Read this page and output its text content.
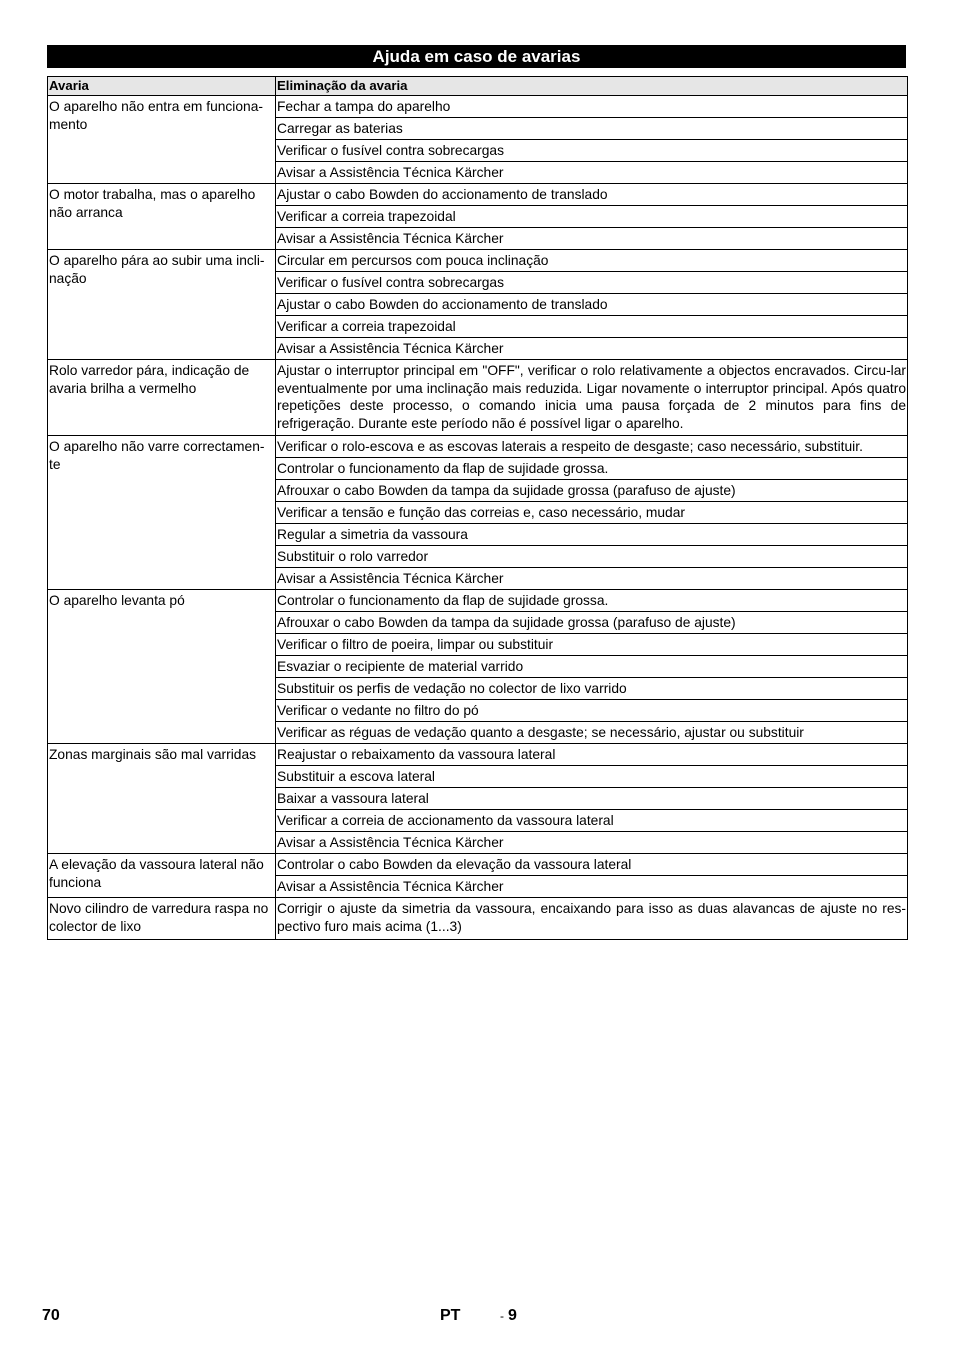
Ajuda em caso de avarias
Avaria	Eliminação da avaria
O aparelho não entra em funciona-mento	Fechar a tampa do aparelho
	Carregar as baterias
	Verificar o fusível contra sobrecargas
	Avisar a Assistência Técnica Kärcher
O motor trabalha, mas o aparelho não arranca	Ajustar o cabo Bowden do accionamento de translado
	Verificar a correia trapezoidal
	Avisar a Assistência Técnica Kärcher
O aparelho pára ao subir uma incli-nação	Circular em percursos com pouca inclinação
	Verificar o fusível contra sobrecargas
	Ajustar o cabo Bowden do accionamento de translado
	Verificar a correia trapezoidal
	Avisar a Assistência Técnica Kärcher
Rolo varredor pára, indicação de avaria brilha a vermelho	Ajustar o interruptor principal em "OFF", verificar o rolo relativamente a objectos encravados. Circu-lar eventualmente por uma inclinação mais reduzida. Ligar novamente o interruptor principal. Após quatro repetições deste processo, o comando inicia uma pausa forçada de 2 minutos para fins de refrigeração. Durante este período não é possível ligar o aparelho.
O aparelho não varre correctamen-te	Verificar o rolo-escova e as escovas laterais a respeito de desgaste; caso necessário, substituir.
	Controlar o funcionamento da flap de sujidade grossa.
	Afrouxar o cabo Bowden da tampa da sujidade grossa (parafuso de ajuste)
	Verificar a tensão e função das correias e, caso necessário, mudar
	Regular a simetria da vassoura
	Substituir o rolo varredor
	Avisar a Assistência Técnica Kärcher
O aparelho levanta pó	Controlar o funcionamento da flap de sujidade grossa.
	Afrouxar o cabo Bowden da tampa da sujidade grossa (parafuso de ajuste)
	Verificar o filtro de poeira, limpar ou substituir
	Esvaziar o recipiente de material varrido
	Substituir os perfis de vedação no colector de lixo varrido
	Verificar o vedante no filtro do pó
	Verificar as réguas de vedação quanto a desgaste; se necessário, ajustar ou substituir
Zonas marginais são mal varridas	Reajustar o rebaixamento da vassoura lateral
	Substituir a escova lateral
	Baixar a vassoura lateral
	Verificar a correia de accionamento da vassoura lateral
	Avisar a Assistência Técnica Kärcher
A elevação da vassoura lateral não funciona	Controlar o cabo Bowden da elevação da vassoura lateral
	Avisar a Assistência Técnica Kärcher
Novo cilindro de varredura raspa no colector de lixo	Corrigir o ajuste da simetria da vassoura, encaixando para isso as duas alavancas de ajuste no res-pectivo furo mais acima (1...3)
70	PT	- 9
